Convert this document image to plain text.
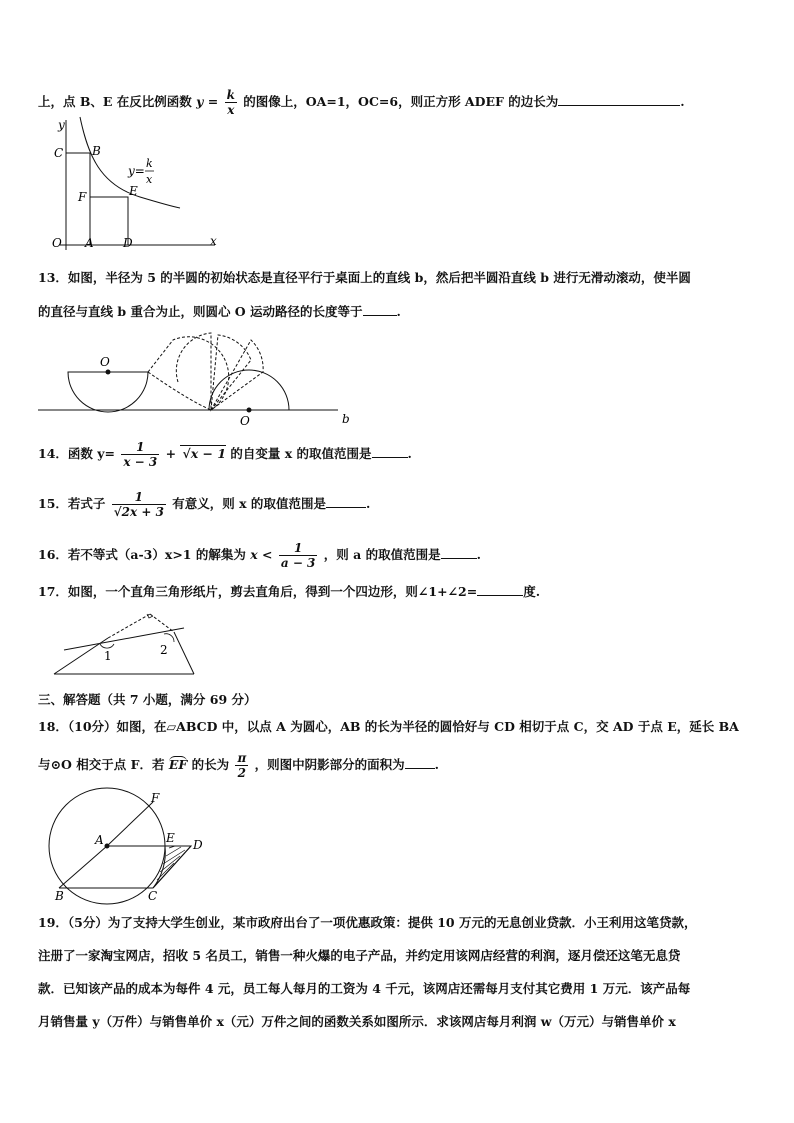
上，点 B、E 在反比例函数 $y = \frac{k}{x}$ 的图像上，OA=1，OC=6，则正方形 ADEF 的边长为	.
y
x
C B
F	E
O A D
y=
k
x
13．如图，半径为 5 的半圆的初始状态是直径平行于桌面上的直线 b，然后把半圆沿直线 b 进行无滑动滚动，使半圆
的直径与直线 b 重合为止，则圆心 O 运动路径的长度等于	.
O
O	b
14．函数 $y= \frac{1}{x - 3} + √x - 1$ 的自变量 x 的取值范围是	.
15．若式子 $\frac{1}{√2x + 3}$ 有意义，则 x 的取值范围是	.
16．若不等式（a-3）x>1 的解集为 $x < \frac{1}{a - 3}$ ，则 a 的取值范围是	.
17．如图，一个直角三角形纸片，剪去直角后，得到一个四边形，则∠1+∠2=	度.
1	2
三、解答题（共 7 小题，满分 69 分）
18．（10分）如图，在▱ABCD 中，以点 A 为圆心，AB 的长为半径的圆恰好与 CD 相切于点 C，交 AD 于点 E，延长 BA
与⊙O 相交于点 F．若 EF 的长为 $\frac{\pi}{2}$ ，则图中阴影部分的面积为 .
F
A	E D
B	C
19．（5分）为了支持大学生创业，某市政府出台了一项优惠政策：提供 10 万元的无息创业贷款．小王利用这笔贷款，
注册了一家淘宝网店，招收 5 名员工，销售一种火爆的电子产品，并约定用该网店经营的利润，逐月偿还这笔无息贷
款．已知该产品的成本为每件 4 元，员工每人每月的工资为 4 千元，该网店还需每月支付其它费用 1 万元．该产品每
月销售量 y（万件）与销售单价 x（元）万件之间的函数关系如图所示．求该网店每月利润 w（万元）与销售单价 x
